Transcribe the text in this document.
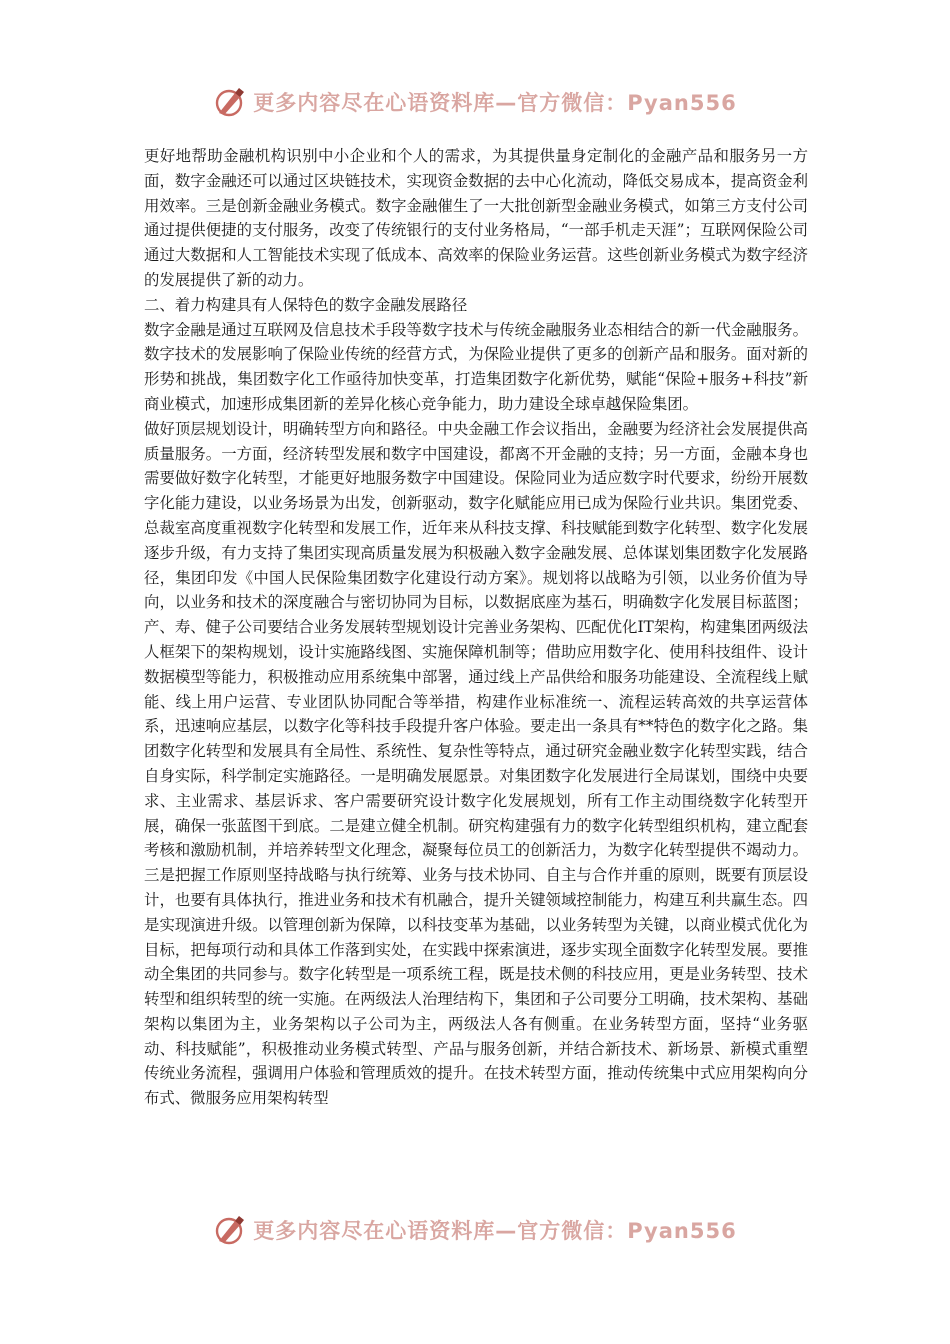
更多内容尽在心语资料库—官方微信：Pyan556

更好地帮助金融机构识别中小企业和个人的需求，为其提供量身定制化的金融产品和服务另一方面，数字金融还可以通过区块链技术，实现资金数据的去中心化流动，降低交易成本，提高资金利用效率。三是创新金融业务模式。数字金融催生了一大批创新型金融业务模式，如第三方支付公司通过提供便捷的支付服务，改变了传统银行的支付业务格局，“一部手机走天涯”；互联网保险公司通过大数据和人工智能技术实现了低成本、高效率的保险业务运营。这些创新业务模式为数字经济的发展提供了新的动力。

二、着力构建具有人保特色的数字金融发展路径

数字金融是通过互联网及信息技术手段等数字技术与传统金融服务业态相结合的新一代金融服务。数字技术的发展影响了保险业传统的经营方式，为保险业提供了更多的创新产品和服务。面对新的形势和挑战，集团数字化工作亟待加快变革，打造集团数字化新优势，赋能“保险+服务+科技”新商业模式，加速形成集团新的差异化核心竞争能力，助力建设全球卓越保险集团。

做好顶层规划设计，明确转型方向和路径。中央金融工作会议指出，金融要为经济社会发展提供高质量服务。一方面，经济转型发展和数字中国建设，都离不开金融的支持；另一方面，金融本身也需要做好数字化转型，才能更好地服务数字中国建设。保险同业为适应数字时代要求，纷纷开展数字化能力建设，以业务场景为出发，创新驱动，数字化赋能应用已成为保险行业共识。集团党委、总裁室高度重视数字化转型和发展工作，近年来从科技支撑、科技赋能到数字化转型、数字化发展逐步升级，有力支持了集团实现高质量发展为积极融入数字金融发展、总体谋划集团数字化发展路径，集团印发《中国人民保险集团数字化建设行动方案》。规划将以战略为引领，以业务价值为导向，以业务和技术的深度融合与密切协同为目标，以数据底座为基石，明确数字化发展目标蓝图；产、寿、健子公司要结合业务发展转型规划设计完善业务架构、匹配优化IT架构，构建集团两级法人框架下的架构规划，设计实施路线图、实施保障机制等；借助应用数字化、使用科技组件、设计数据模型等能力，积极推动应用系统集中部署，通过线上产品供给和服务功能建设、全流程线上赋能、线上用户运营、专业团队协同配合等举措，构建作业标准统一、流程运转高效的共享运营体系，迅速响应基层，以数字化等科技手段提升客户体验。要走出一条具有**特色的数字化之路。集团数字化转型和发展具有全局性、系统性、复杂性等特点，通过研究金融业数字化转型实践，结合自身实际，科学制定实施路径。一是明确发展愿景。对集团数字化发展进行全局谋划，围绕中央要求、主业需求、基层诉求、客户需要研究设计数字化发展规划，所有工作主动围绕数字化转型开展，确保一张蓝图干到底。二是建立健全机制。研究构建强有力的数字化转型组织机构，建立配套考核和激励机制，并培养转型文化理念，凝聚每位员工的创新活力，为数字化转型提供不竭动力。三是把握工作原则坚持战略与执行统筹、业务与技术协同、自主与合作并重的原则，既要有顶层设计，也要有具体执行，推进业务和技术有机融合，提升关键领域控制能力，构建互利共赢生态。四是实现演进升级。以管理创新为保障，以科技变革为基础，以业务转型为关键，以商业模式优化为目标，把每项行动和具体工作落到实处，在实践中探索演进，逐步实现全面数字化转型发展。要推动全集团的共同参与。数字化转型是一项系统工程，既是技术侧的科技应用，更是业务转型、技术转型和组织转型的统一实施。在两级法人治理结构下，集团和子公司要分工明确，技术架构、基础架构以集团为主，业务架构以子公司为主，两级法人各有侧重。在业务转型方面，坚持“业务驱动、科技赋能”，积极推动业务模式转型、产品与服务创新，并结合新技术、新场景、新模式重塑传统业务流程，强调用户体验和管理质效的提升。在技术转型方面，推动传统集中式应用架构向分布式、微服务应用架构转型

更多内容尽在心语资料库—官方微信：Pyan556
